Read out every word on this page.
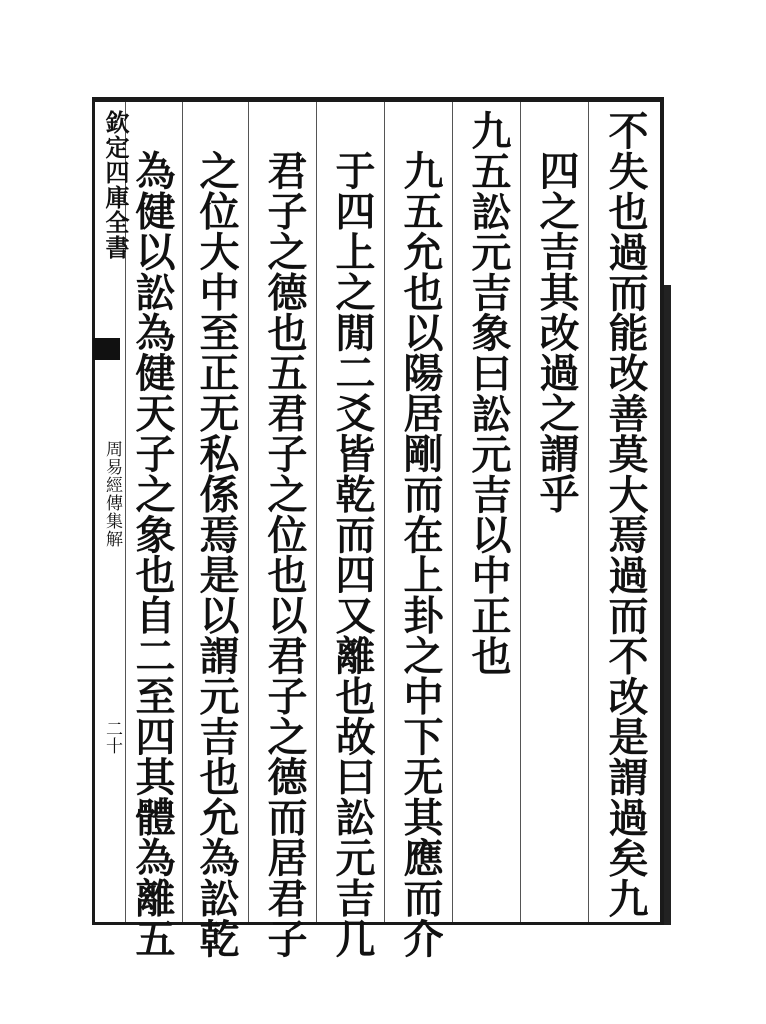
欽定四庫全書
周易經傳集解
二十	不失也過而能改善莫大焉過而不改是謂過矣九
四之吉其改過之謂乎
九五訟元吉象曰訟元吉以中正也
九五允也以陽居剛而在上卦之中下无其應而介
于四上之閒二爻皆乾而四又離也故曰訟元吉几
君子之德也五君子之位也以君子之德而居君子
之位大中至正无私係焉是以謂元吉也允為訟乾
為健以訟為健天子之象也自二至四其體為離五
